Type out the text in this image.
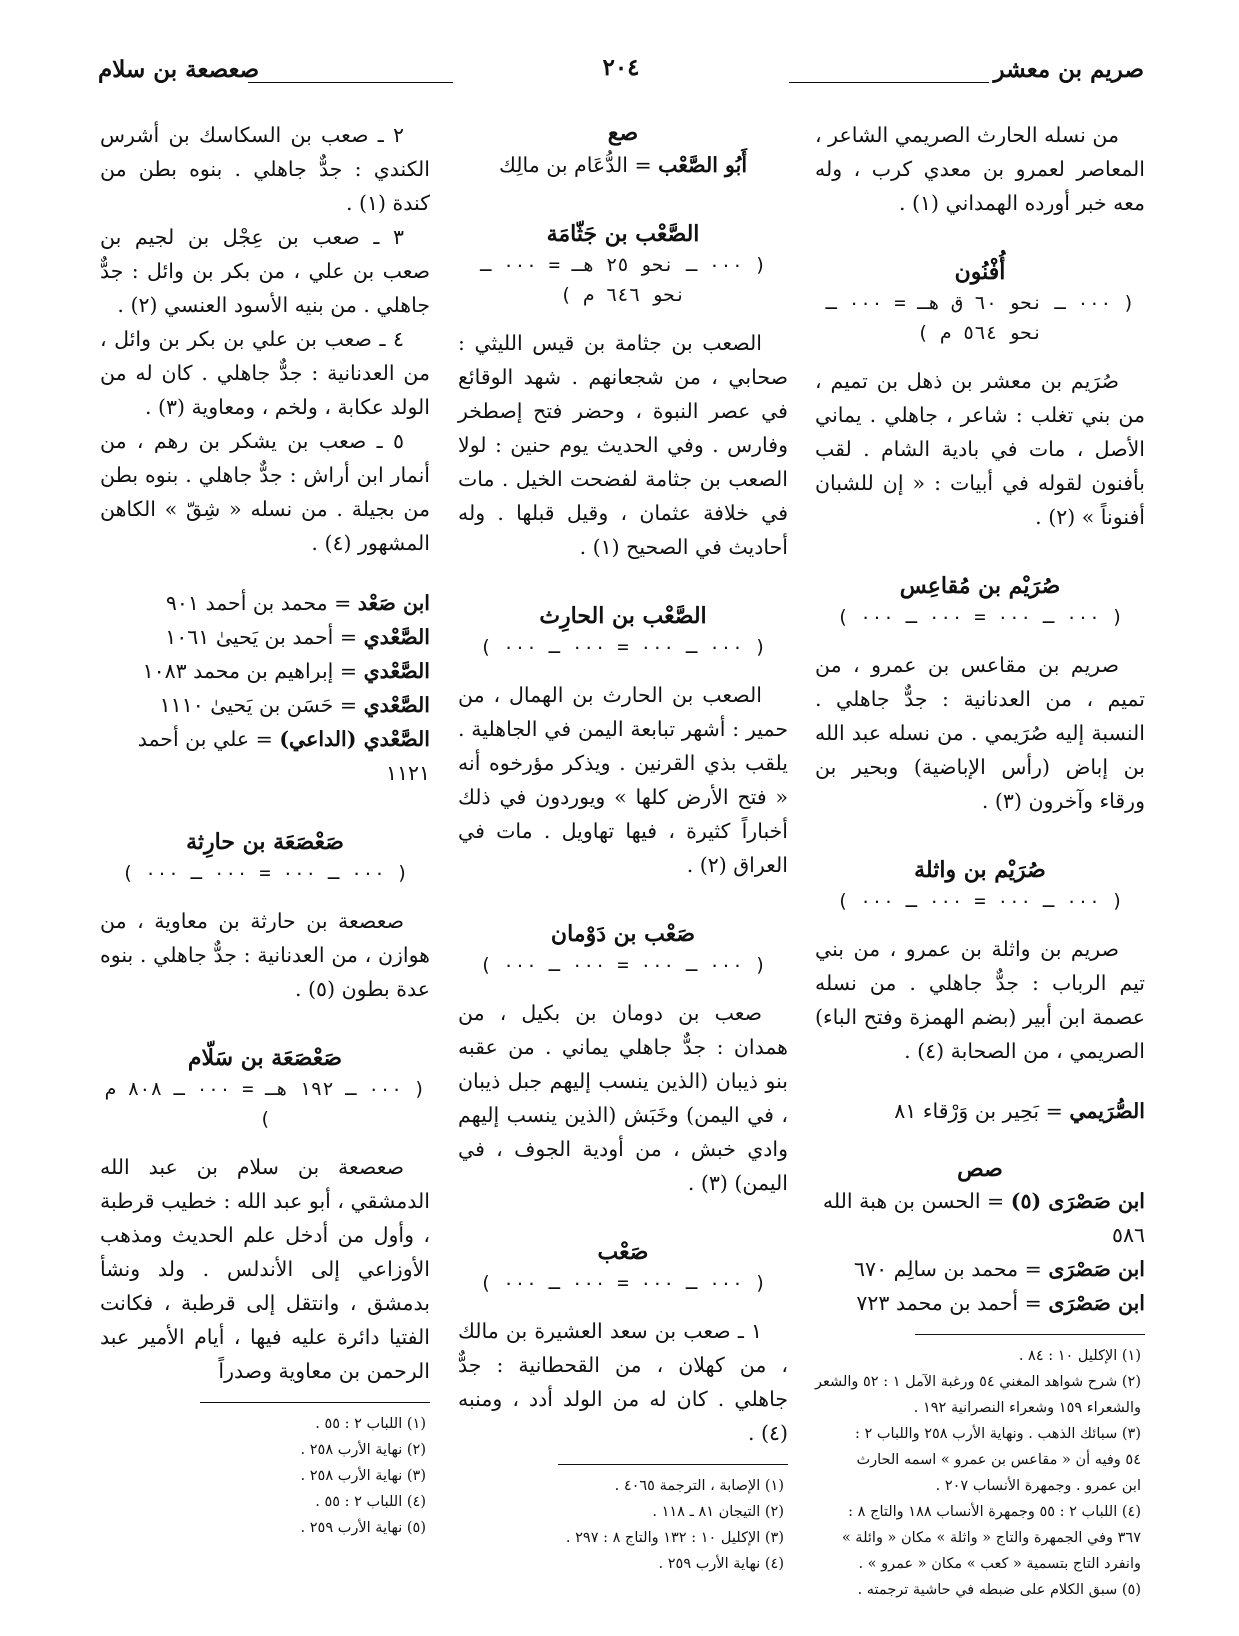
صريم بن معشر
٢٠٤
صعصعة بن سلام

من نسله الحارث الصريمي الشاعر ، المعاصر لعمرو بن معدي كرب ، وله معه خبر أورده الهمداني (١) .

أُفْنُون

( ٠٠٠ ـ نحو ٦٠ ق هـ = ٠٠٠ ـ نحو ٥٦٤ م )

صُرَيم بن معشر بن ذهل بن تميم ، من بني تغلب : شاعر ، جاهلي . يماني الأصل ، مات في بادية الشام . لقب بأفنون لقوله في أبيات : « إن للشبان أفنوناً » (٢) .

صُرَيْم بن مُقاعِس

( ٠٠٠ ـ ٠٠٠ = ٠٠٠ ـ ٠٠٠ )

صريم بن مقاعس بن عمرو ، من تميم ، من العدنانية : جدٌّ جاهلي . النسبة إليه صُرَيمي . من نسله عبد الله بن إباض (رأس الإباضية) وبحير بن ورقاء وآخرون (٣) .

صُرَيْم بن واثلة

( ٠٠٠ ـ ٠٠٠ = ٠٠٠ ـ ٠٠٠ )

صريم بن واثلة بن عمرو ، من بني تيم الرباب : جدٌّ جاهلي . من نسله عصمة ابن أبير (بضم الهمزة وفتح الباء) الصريمي ، من الصحابة (٤) .

الصُّرَيمي = بَحِير بن وَرْقاء ٨١

صص

ابن صَصْرَى (٥) = الحسن بن هبة الله ٥٨٦

ابن صَصْرَى = محمد بن سالِم ٦٧٠

ابن صَصْرَى = أحمد بن محمد ٧٢٣

(١) الإكليل ١٠ : ٨٤ .

(٢) شرح شواهد المغني ٥٤ ورغبة الآمل ١ : ٥٢ والشعر

والشعراء ١٥٩ وشعراء النصرانية ١٩٢ .

(٣) سبائك الذهب . ونهاية الأرب ٢٥٨ واللباب ٢ :

٥٤ وفيه أن « مقاعس بن عمرو » اسمه الحارث

ابن عمرو . وجمهرة الأنساب ٢٠٧ .

(٤) اللباب ٢ : ٥٥ وجمهرة الأنساب ١٨٨ والتاج ٨ :

٣٦٧ وفي الجمهرة والتاج « واثلة » مكان « وائلة »

وانفرد التاج بتسمية « كعب » مكان « عمرو » .

(٥) سبق الكلام على ضبطه في حاشية ترجمته .

صع

أَبُو الصَّعْب = الدُّعَام بن مالِك

الصَّعْب بن جَثّامَة

( ٠٠٠ ـ نحو ٢٥ هـ = ٠٠٠ ـ نحو ٦٤٦ م )

الصعب بن جثامة بن قيس الليثي : صحابي ، من شجعانهم . شهد الوقائع في عصر النبوة ، وحضر فتح إصطخر وفارس . وفي الحديث يوم حنين : لولا الصعب بن جثامة لفضحت الخيل . مات في خلافة عثمان ، وقيل قبلها . وله أحاديث في الصحيح (١) .

الصَّعْب بن الحارِث

( ٠٠٠ ـ ٠٠٠ = ٠٠٠ ـ ٠٠٠ )

الصعب بن الحارث بن الهمال ، من حمير : أشهر تبابعة اليمن في الجاهلية . يلقب بذي القرنين . ويذكر مؤرخوه أنه « فتح الأرض كلها » ويوردون في ذلك أخباراً كثيرة ، فيها تهاويل . مات في العراق (٢) .

صَعْب بن دَوْمان

( ٠٠٠ ـ ٠٠٠ = ٠٠٠ ـ ٠٠٠ )

صعب بن دومان بن بكيل ، من همدان : جدٌّ جاهلي يماني . من عقبه بنو ذيبان (الذين ينسب إليهم جبل ذيبان ، في اليمن) وخَبَش (الذين ينسب إليهم وادي خبش ، من أودية الجوف ، في اليمن) (٣) .

صَعْب

( ٠٠٠ ـ ٠٠٠ = ٠٠٠ ـ ٠٠٠ )

١ ـ صعب بن سعد العشيرة بن مالك ، من كهلان ، من القحطانية : جدٌّ جاهلي . كان له من الولد أدد ، ومنبه (٤) .

(١) الإصابة ، الترجمة ٤٠٦٥ .

(٢) التيجان ٨١ ـ ١١٨ .

(٣) الإكليل ١٠ : ١٣٢ والتاج ٨ : ٢٩٧ .

(٤) نهاية الأرب ٢٥٩ .

٢ ـ صعب بن السكاسك بن أشرس الكندي : جدٌّ جاهلي . بنوه بطن من كندة (١) .

٣ ـ صعب بن عِجْل بن لجيم بن صعب بن علي ، من بكر بن وائل : جدٌّ جاهلي . من بنيه الأسود العنسي (٢) .

٤ ـ صعب بن علي بن بكر بن وائل ، من العدنانية : جدٌّ جاهلي . كان له من الولد عكابة ، ولخم ، ومعاوية (٣) .

٥ ـ صعب بن يشكر بن رهم ، من أنمار ابن أراش : جدٌّ جاهلي . بنوه بطن من بجيلة . من نسله « شِقّ » الكاهن المشهور (٤) .

ابن صَعْد = محمد بن أحمد ٩٠١

الصَّعْدي = أحمد بن يَحيىٰ ١٠٦١

الصَّعْدي = إبراهيم بن محمد ١٠٨٣

الصَّعْدي = حَسَن بن يَحيىٰ ١١١٠

الصَّعْدي (الداعي) = علي بن أحمد ١١٢١

صَعْصَعَة بن حارِثة

( ٠٠٠ ـ ٠٠٠ = ٠٠٠ ـ ٠٠٠ )

صعصعة بن حارثة بن معاوية ، من هوازن ، من العدنانية : جدٌّ جاهلي . بنوه عدة بطون (٥) .

صَعْصَعَة بن سَلّام

( ٠٠٠ ـ ١٩٢ هـ = ٠٠٠ ـ ٨٠٨ م )

صعصعة بن سلام بن عبد الله الدمشقي ، أبو عبد الله : خطيب قرطبة ، وأول من أدخل علم الحديث ومذهب الأوزاعي إلى الأندلس . ولد ونشأ بدمشق ، وانتقل إلى قرطبة ، فكانت الفتيا دائرة عليه فيها ، أيام الأمير عبد الرحمن بن معاوية وصدراً

(١) اللباب ٢ : ٥٥ .

(٢) نهاية الأرب ٢٥٨ .

(٣) نهاية الأرب ٢٥٨ .

(٤) اللباب ٢ : ٥٥ .

(٥) نهاية الأرب ٢٥٩ .
